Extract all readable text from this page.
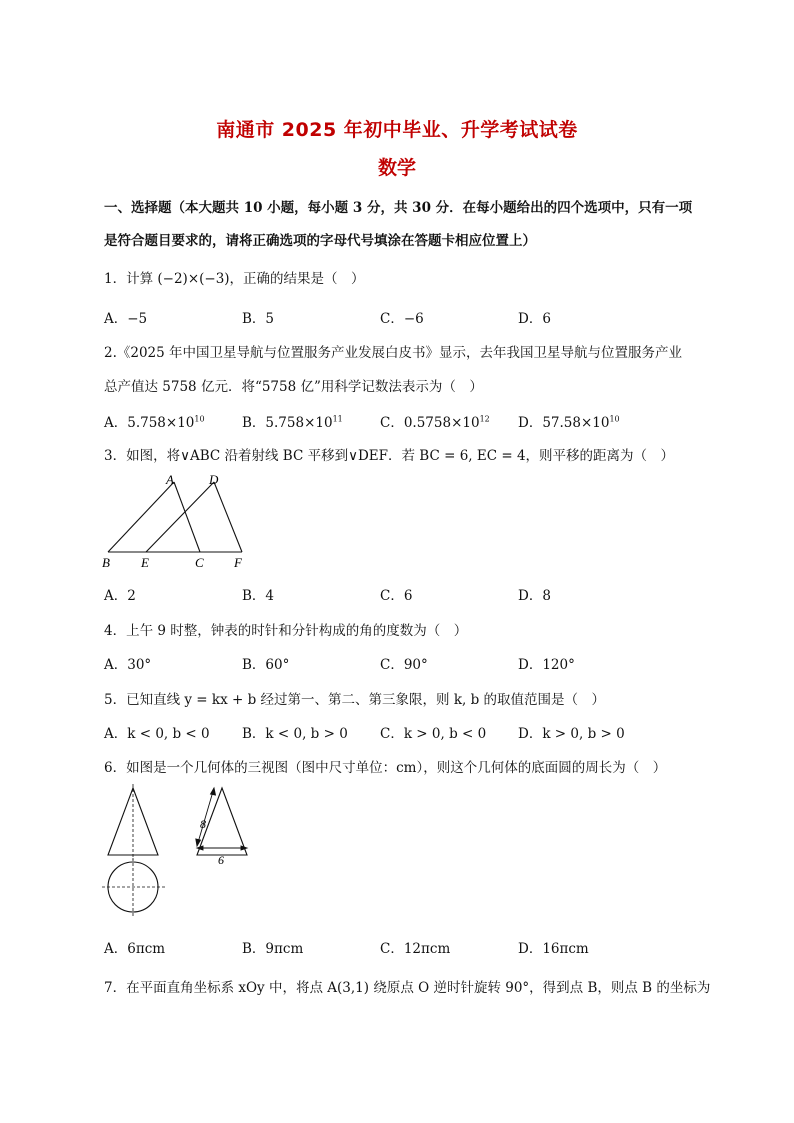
南通市 2025 年初中毕业、升学考试试卷
数学
一、选择题（本大题共 10 小题，每小题 3 分，共 30 分．在每小题给出的四个选项中，只有一项
是符合题目要求的，请将正确选项的字母代号填涂在答题卡相应位置上）
1．计算 (−2)×(−3)，正确的结果是（　）
A．−5	B．5	C．−6	D．6
2.《2025 年中国卫星导航与位置服务产业发展白皮书》显示，去年我国卫星导航与位置服务产业
总产值达 5758 亿元．将“5758 亿”用科学记数法表示为（　）
A．$5.758\times 10^{10}$	B．$5.758\times 10^{11}$	C．$0.5758\times 10^{12}$ D．$57.58\times 10^{10}$
3．如图，将∨ABC 沿着射线 BC 平移到∨DEF．若 BC = 6, EC = 4，则平移的距离为（　）
A	D
B E	C F
A．2	B．4	C．6	D．8
4．上午 9 时整，钟表的时针和分针构成的角的度数为（　）
A．30°	B．60°	C．90°	D．120°
5．已知直线 y = kx + b 经过第一、第二、第三象限，则 k, b 的取值范围是（　）
A．k < 0, b < 0 B．k < 0, b > 0 C．k > 0, b < 0 D．k > 0, b > 0
6．如图是一个几何体的三视图（图中尺寸单位：cm），则这个几何体的底面圆的周长为（　）
8
6
A．6πcm	B．9πcm	C．12πcm	D．16πcm
7．在平面直角坐标系 xOy 中，将点 A(3,1) 绕原点 O 逆时针旋转 90°，得到点 B，则点 B 的坐标为
